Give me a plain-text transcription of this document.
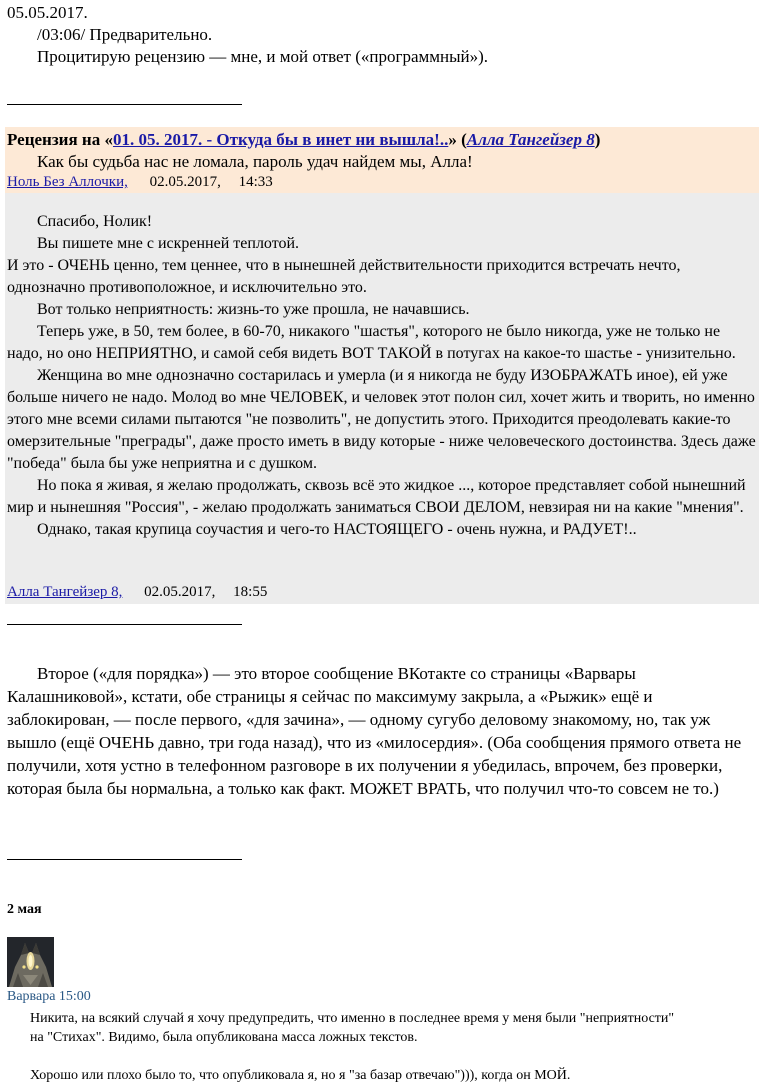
05.05.2017.
/03:06/ Предварительно.
Процитирую рецензию — мне, и мой ответ («программный»).
Рецензия на «01. 05. 2017. - Откуда бы в инет ни вышла!..» (Алла Тангейзер 8)
Как бы судьба нас не ломала, пароль удач найдем мы, Алла!
Ноль Без Аллочки, 02.05.2017, 14:33
Спасибо, Нолик!
Вы пишете мне с искренней теплотой.
И это - ОЧЕНЬ ценно, тем ценнее, что в нынешней действительности приходится встречать нечто, однозначно противоположное, и исключительно это.
Вот только неприятность: жизнь-то уже прошла, не начавшись.
Теперь уже, в 50, тем более, в 60-70, никакого "шастья", которого не было никогда, уже не только не надо, но оно НЕПРИЯТНО, и самой себя видеть ВОТ ТАКОЙ в потугах на какое-то шастье - унизительно.
Женщина во мне однозначно состарилась и умерла (и я никогда не буду ИЗОБРАЖАТЬ иное), ей уже больше ничего не надо. Молод во мне ЧЕЛОВЕК, и человек этот полон сил, хочет жить и творить, но именно этого мне всеми силами пытаются "не позволить", не допустить этого. Приходится преодолевать какие-то омерзительные "преграды", даже просто иметь в виду которые - ниже человеческого достоинства. Здесь даже "победа" была бы уже неприятна и с душком.
Но пока я живая, я желаю продолжать, сквозь всё это жидкое ..., которое представляет собой нынешний мир и нынешняя "Россия", - желаю продолжать заниматься СВОИ ДЕЛОМ, невзирая ни на какие "мнения".
Однако, такая крупица соучастия и чего-то НАСТОЯЩЕГО - очень нужна, и РАДУЕТ!..
Алла Тангейзер 8, 02.05.2017, 18:55
Второе («для порядка») — это второе сообщение ВКотакте со страницы «Варвары Калашниковой», кстати, обе страницы я сейчас по максимуму закрыла, а «Рыжик» ещё и заблокирован, — после первого, «для зачина», — одному сугубо деловому знакомому, но, так уж вышло (ещё ОЧЕНЬ давно, три года назад), что из «милосердия». (Оба сообщения прямого ответа не получили, хотя устно в телефонном разговоре в их получении я убедилась, впрочем, без проверки, которая была бы нормальна, а только как факт. МОЖЕТ ВРАТЬ, что получил что-то совсем не то.)
2 мая
Варвара 15:00
Никита, на всякий случай я хочу предупредить, что именно в последнее время у меня были "неприятности" на "Стихах". Видимо, была опубликована масса ложных текстов.
Хорошо или плохо было то, что опубликовала я, но я "за базар отвечаю"))), когда он МОЙ.
